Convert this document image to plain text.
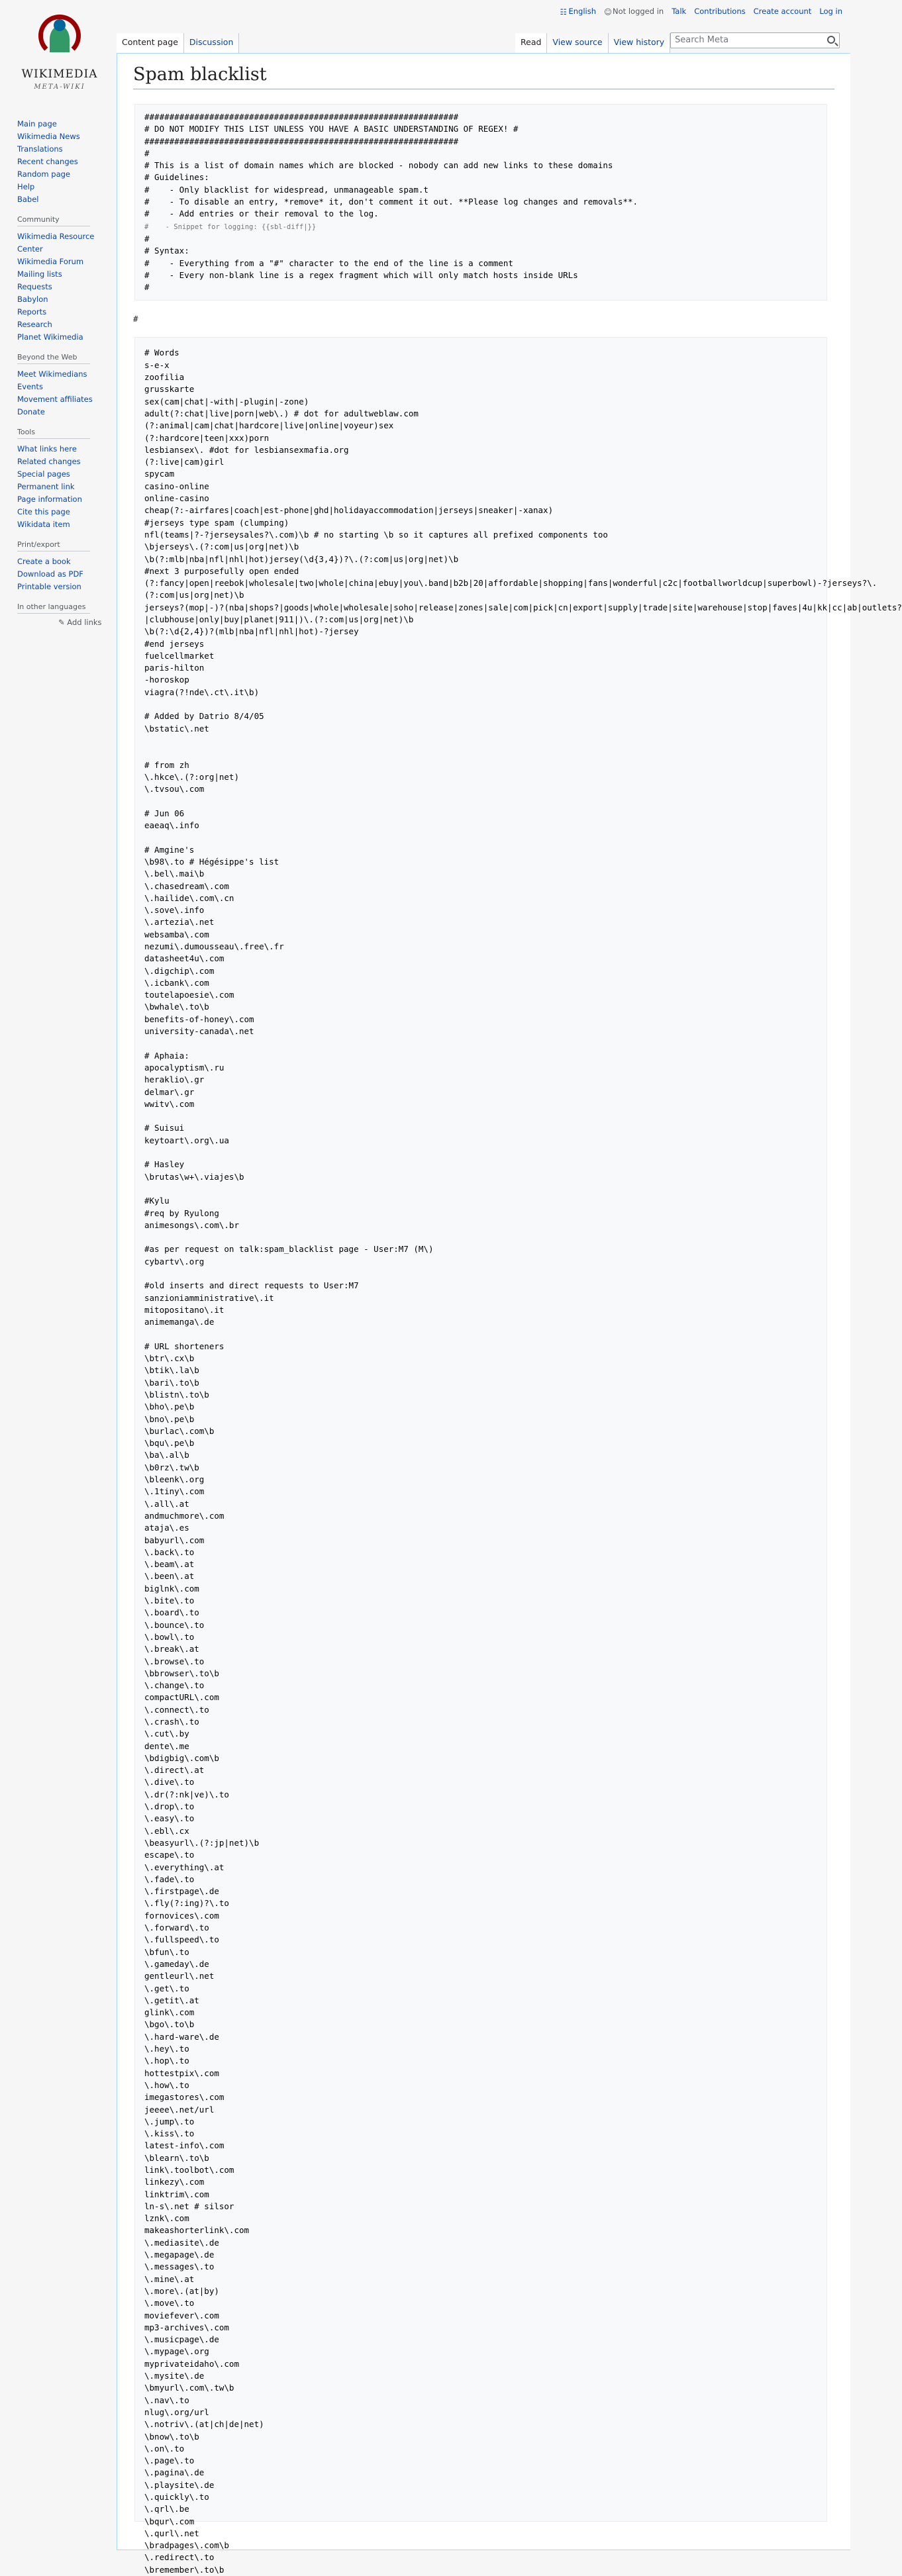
WIKIMEDIA
META-WIKI
☷ English ☺Not logged in Talk Contributions Create account Log in
Content page	Discussion	Read	View source	View history	Search Meta
Main page
Wikimedia News
Translations
Recent changes
Random page
Help
Babel
Community
Wikimedia Resource Center
Wikimedia Forum
Mailing lists
Requests
Babylon
Reports
Research
Planet Wikimedia
Beyond the Web
Meet Wikimedians
Events
Movement affiliates
Donate
Tools
What links here
Related changes
Special pages
Permanent link
Page information
Cite this page
Wikidata item
Print/export
Create a book
Download as PDF
Printable version
In other languages
✎ Add links
Spam blacklist
###############################################################
# DO NOT MODIFY THIS LIST UNLESS YOU HAVE A BASIC UNDERSTANDING OF REGEX! #
###############################################################
#
# This is a list of domain names which are blocked - nobody can add new links to these domains
# Guidelines:
#    - Only blacklist for widespread, unmanageable spam.t
#    - To disable an entry, *remove* it, don't comment it out. **Please log changes and removals**.
#    - Add entries or their removal to the log.
#    - Snippet for logging: {{sbl-diff|}}
#
# Syntax:
#    - Everything from a "#" character to the end of the line is a comment
#    - Every non-blank line is a regex fragment which will only match hosts inside URLs
#
#
# Words
s-e-x
zoofilia
grusskarte
sex(cam|chat|-with|-plugin|-zone)
adult(?:chat|live|porn|web\.) # dot for adultweblaw.com
(?:animal|cam|chat|hardcore|live|online|voyeur)sex
(?:hardcore|teen|xxx)porn
lesbiansex\. #dot for lesbiansexmafia.org
(?:live|cam)girl
spycam
casino-online
online-casino
cheap(?:-airfares|coach|est-phone|ghd|holidayaccommodation|jerseys|sneaker|-xanax)
#jerseys type spam (clumping)
nfl(teams|?-?jerseysales?\.com)\b # no starting \b so it captures all prefixed components too
\bjerseys\.(?:com|us|org|net)\b
\b(?:mlb|nba|nfl|nhl|hot)jersey(\d{3,4})?\.(?:com|us|org|net)\b
#next 3 purposefully open ended
(?:fancy|open|reebok|wholesale|two|whole|china|ebuy|you\.band|b2b|20|affordable|shopping|fans|wonderful|c2c|footballworldcup|superbowl)-?jerseys?\.
(?:com|us|org|net)\b
jerseys?(mop|-)?(nba|shops?|goods|whole|wholesale|soho|release|zones|sale|com|pick|cn|export|supply|trade|site|warehouse|stop|faves|4u|kk|cc|ab|outlets?
|clubhouse|only|buy|planet|911|)\.(?:com|us|org|net)\b
\b(?:\d{2,4})?(mlb|nba|nfl|nhl|hot)-?jersey
#end jerseys
fuelcellmarket
paris-hilton
-horoskop
viagra(?!nde\.ct\.it\b)

# Added by Datrio 8/4/05
\bstatic\.net

# from zh
\.hkce\.(?:org|net)
\.tvsou\.com

# Jun 06
eaeaq\.info

# Amgine's
\b98\.to # Hégésippe's list
\.bel\.mai\b
\.chasedream\.com
\.hailide\.com\.cn
\.sove\.info
\.artezia\.net
websamba\.com
nezumi\.dumousseau\.free\.fr
datasheet4u\.com
\.digchip\.com
\.icbank\.com
toutelapoesie\.com
\bwhale\.to\b
benefits-of-honey\.com
university-canada\.net

# Aphaia:
apocalyptism\.ru
heraklio\.gr
delmar\.gr
wwitv\.com

# Suisui
keytoart\.org\.ua

# Hasley
\brutas\w+\.viajes\b

#Kylu
#req by Ryulong
animesongs\.com\.br

#as per request on talk:spam_blacklist page - User:M7 (M\)
cybartv\.org

#old inserts and direct requests to User:M7
sanzioniamministrative\.it
mitopositano\.it
animemanga\.de

# URL shorteners
\btr\.cx\b
\btik\.la\b
\bari\.to\b
\blistn\.to\b
\bho\.pe\b
\bno\.pe\b
\burlac\.com\b
\bqu\.pe\b
\ba\.al\b
\b0rz\.tw\b
\bleenk\.org
\.1tiny\.com
\.all\.at
andmuchmore\.com
ataja\.es
babyurl\.com
\.back\.to
\.beam\.at
\.been\.at
biglnk\.com
\.bite\.to
\.board\.to
\.bounce\.to
\.bowl\.to
\.break\.at
\.browse\.to
\bbrowser\.to\b
\.change\.to
compactURL\.com
\.connect\.to
\.crash\.to
\.cut\.by
dente\.me
\bdigbig\.com\b
\.direct\.at
\.dive\.to
\.dr(?:nk|ve)\.to
\.drop\.to
\.easy\.to
\.ebl\.cx
\beasyurl\.(?:jp|net)\b
escape\.to
\.everything\.at
\.fade\.to
\.firstpage\.de
\.fly(?:ing)?\.to
fornovices\.com
\.forward\.to
\.fullspeed\.to
\bfun\.to
\.gameday\.de
gentleurl\.net
\.get\.to
\.getit\.at
glink\.com
\bgo\.to\b
\.hard-ware\.de
\.hey\.to
\.hop\.to
hottestpix\.com
\.how\.to
imegastores\.com
jeeee\.net/url
\.jump\.to
\.kiss\.to
latest-info\.com
\blearn\.to\b
link\.toolbot\.com
linkezy\.com
linktrim\.com
ln-s\.net # silsor
lznk\.com
makeashorterlink\.com
\.mediasite\.de
\.megapage\.de
\.messages\.to
\.mine\.at
\.more\.(at|by)
\.move\.to
moviefever\.com
mp3-archives\.com
\.musicpage\.de
\.mypage\.org
myprivateidaho\.com
\.mysite\.de
\bmyurl\.com\.tw\b
\.nav\.to
nlug\.org/url
\.notriv\.(at|ch|de|net)
\bnow\.to\b
\.on\.to
\.page\.to
\.pagina\.de
\.playsite\.de
\.quickly\.to
\.qrl\.be
\bqur\.com
\.qurl\.net
\bradpages\.com\b
\.redirect\.to
\bremember\.to\b
